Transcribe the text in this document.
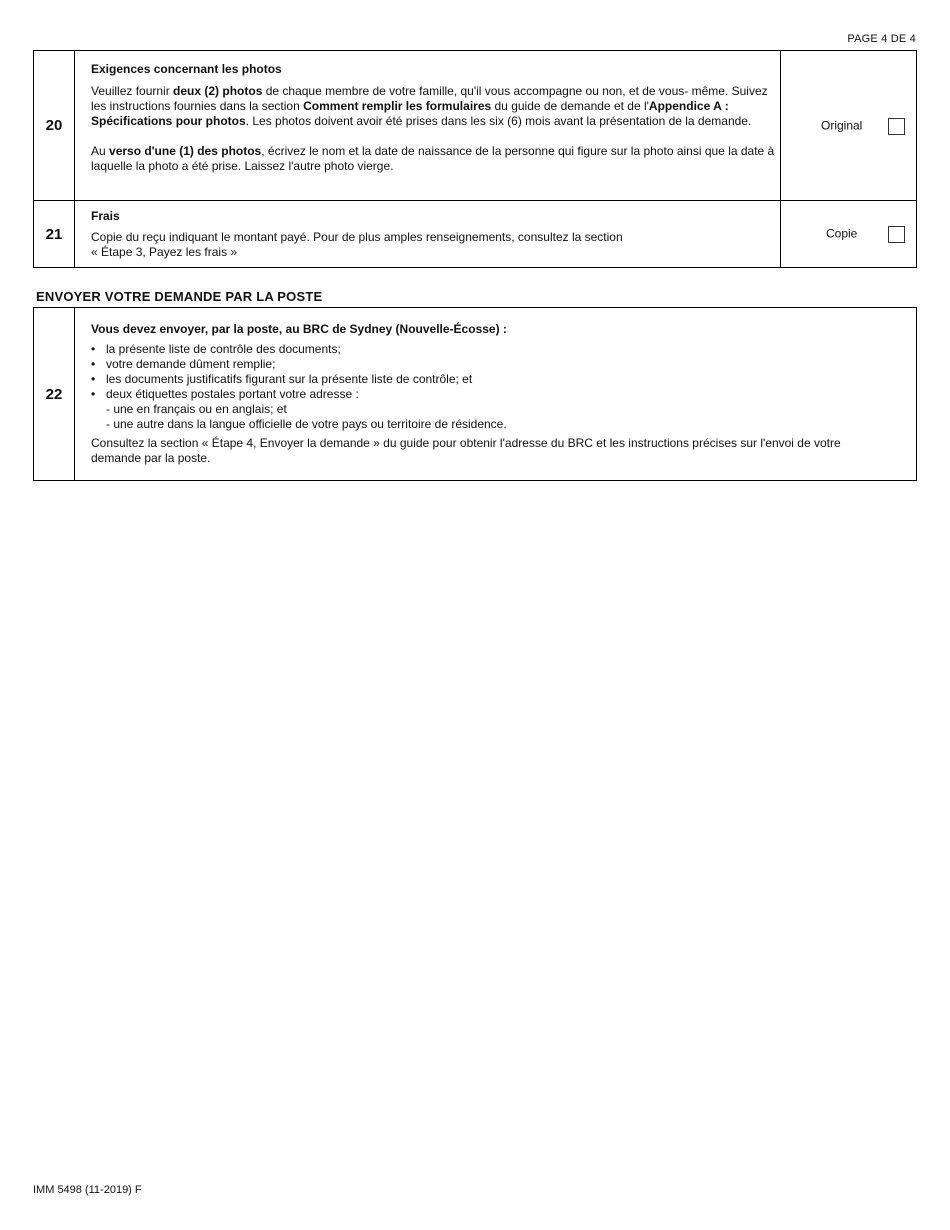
PAGE 4 DE 4
20

Exigences concernant les photos

Veuillez fournir deux (2) photos de chaque membre de votre famille, qu'il vous accompagne ou non, et de vous- même. Suivez les instructions fournies dans la section Comment remplir les formulaires du guide de demande et de l'Appendice A : Spécifications pour photos. Les photos doivent avoir été prises dans les six (6) mois avant la présentation de la demande.

Au verso d'une (1) des photos, écrivez le nom et la date de naissance de la personne qui figure sur la photo ainsi que la date à laquelle la photo a été prise. Laissez l'autre photo vierge.

Original
21

Frais

Copie du reçu indiquant le montant payé. Pour de plus amples renseignements, consultez la section

« Étape 3, Payez les frais »

Copie
ENVOYER VOTRE DEMANDE PAR LA POSTE
22

Vous devez envoyer, par la poste, au BRC de Sydney (Nouvelle-Écosse) :

• la présente liste de contrôle des documents;
• votre demande dûment remplie;
• les documents justificatifs figurant sur la présente liste de contrôle; et
• deux étiquettes postales portant votre adresse :

- une en français ou en anglais; et

- une autre dans la langue officielle de votre pays ou territoire de résidence.

Consultez la section « Étape 4, Envoyer la demande » du guide pour obtenir l'adresse du BRC et les instructions précises sur l'envoi de votre demande par la poste.

IMM 5498 (11-2019) F
